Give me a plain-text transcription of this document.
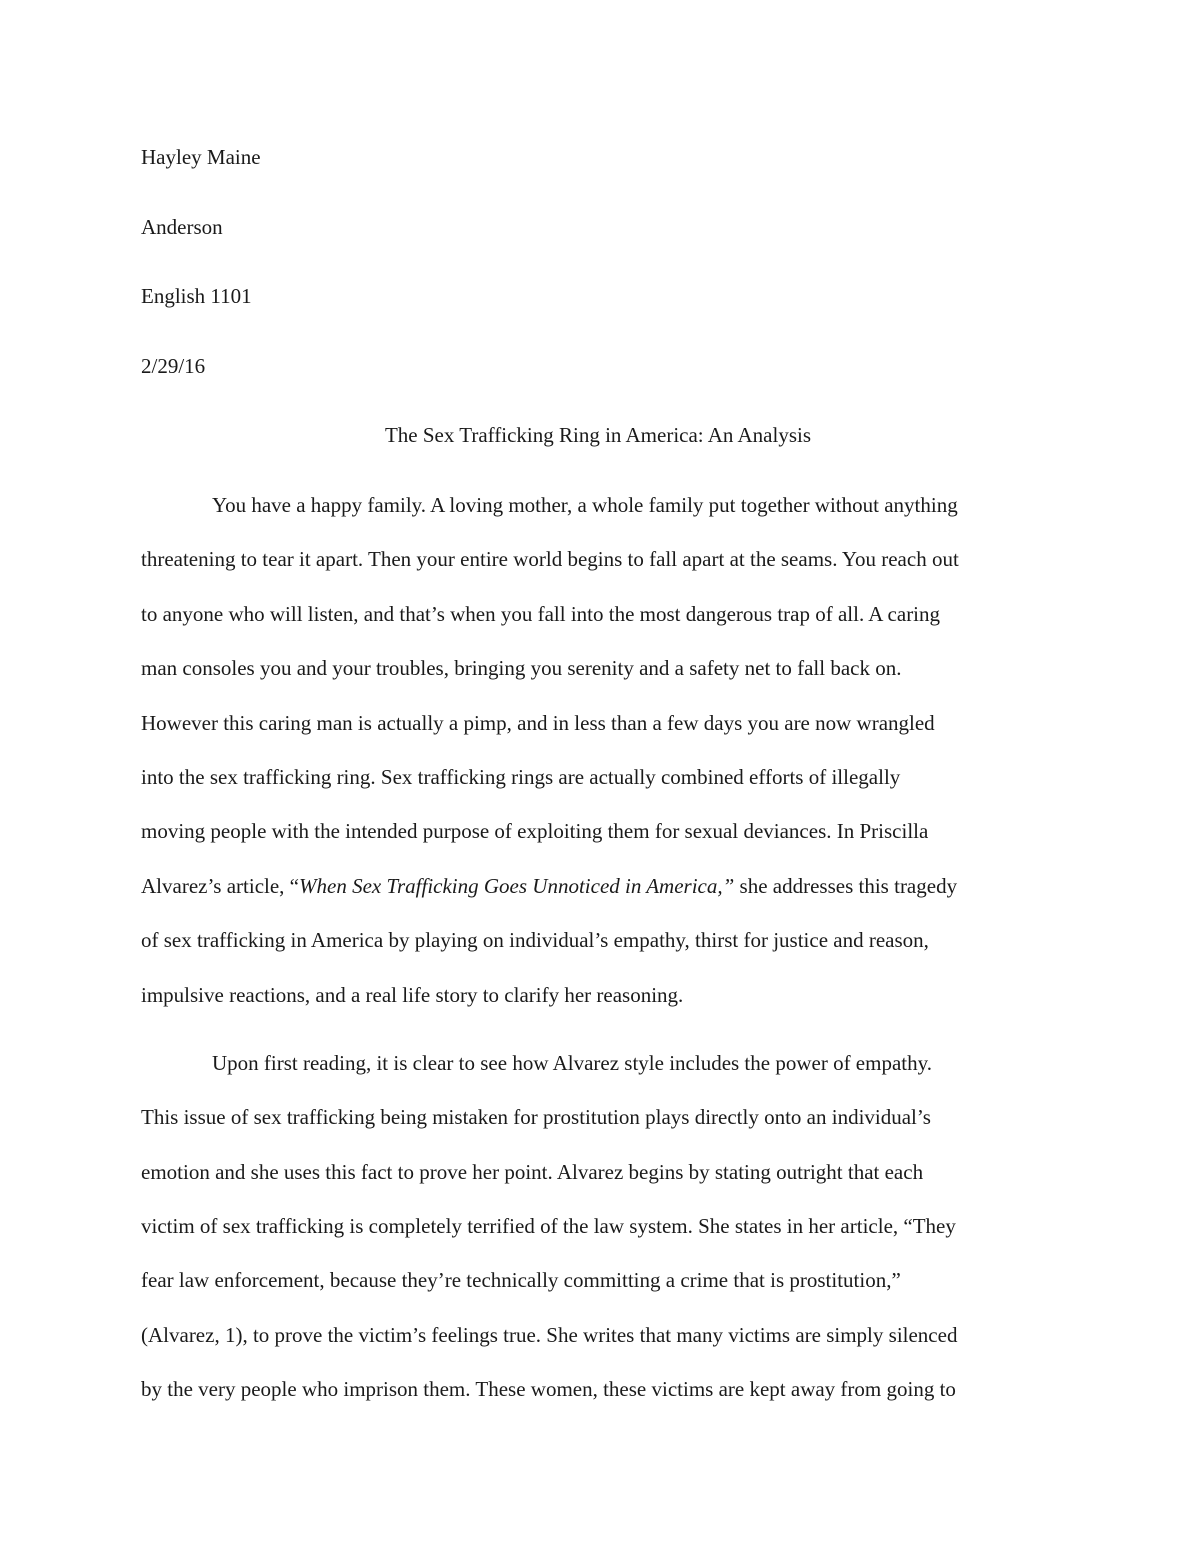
Hayley Maine
Anderson
English 1101
2/29/16
The Sex Trafficking Ring in America: An Analysis
You have a happy family. A loving mother, a whole family put together without anything
threatening to tear it apart. Then your entire world begins to fall apart at the seams. You reach out
to anyone who will listen, and that’s when you fall into the most dangerous trap of all. A caring
man consoles you and your troubles, bringing you serenity and a safety net to fall back on.
However this caring man is actually a pimp, and in less than a few days you are now wrangled
into the sex trafficking ring. Sex trafficking rings are actually combined efforts of illegally
moving people with the intended purpose of exploiting them for sexual deviances. In Priscilla
Alvarez’s article, “When Sex Trafficking Goes Unnoticed in America,” she addresses this tragedy
of sex trafficking in America by playing on individual’s empathy, thirst for justice and reason,
impulsive reactions, and a real life story to clarify her reasoning.
Upon first reading, it is clear to see how Alvarez style includes the power of empathy.
This issue of sex trafficking being mistaken for prostitution plays directly onto an individual’s
emotion and she uses this fact to prove her point. Alvarez begins by stating outright that each
victim of sex trafficking is completely terrified of the law system. She states in her article, “They
fear law enforcement, because they’re technically committing a crime that is prostitution,”
(Alvarez, 1), to prove the victim’s feelings true. She writes that many victims are simply silenced
by the very people who imprison them. These women, these victims are kept away from going to
